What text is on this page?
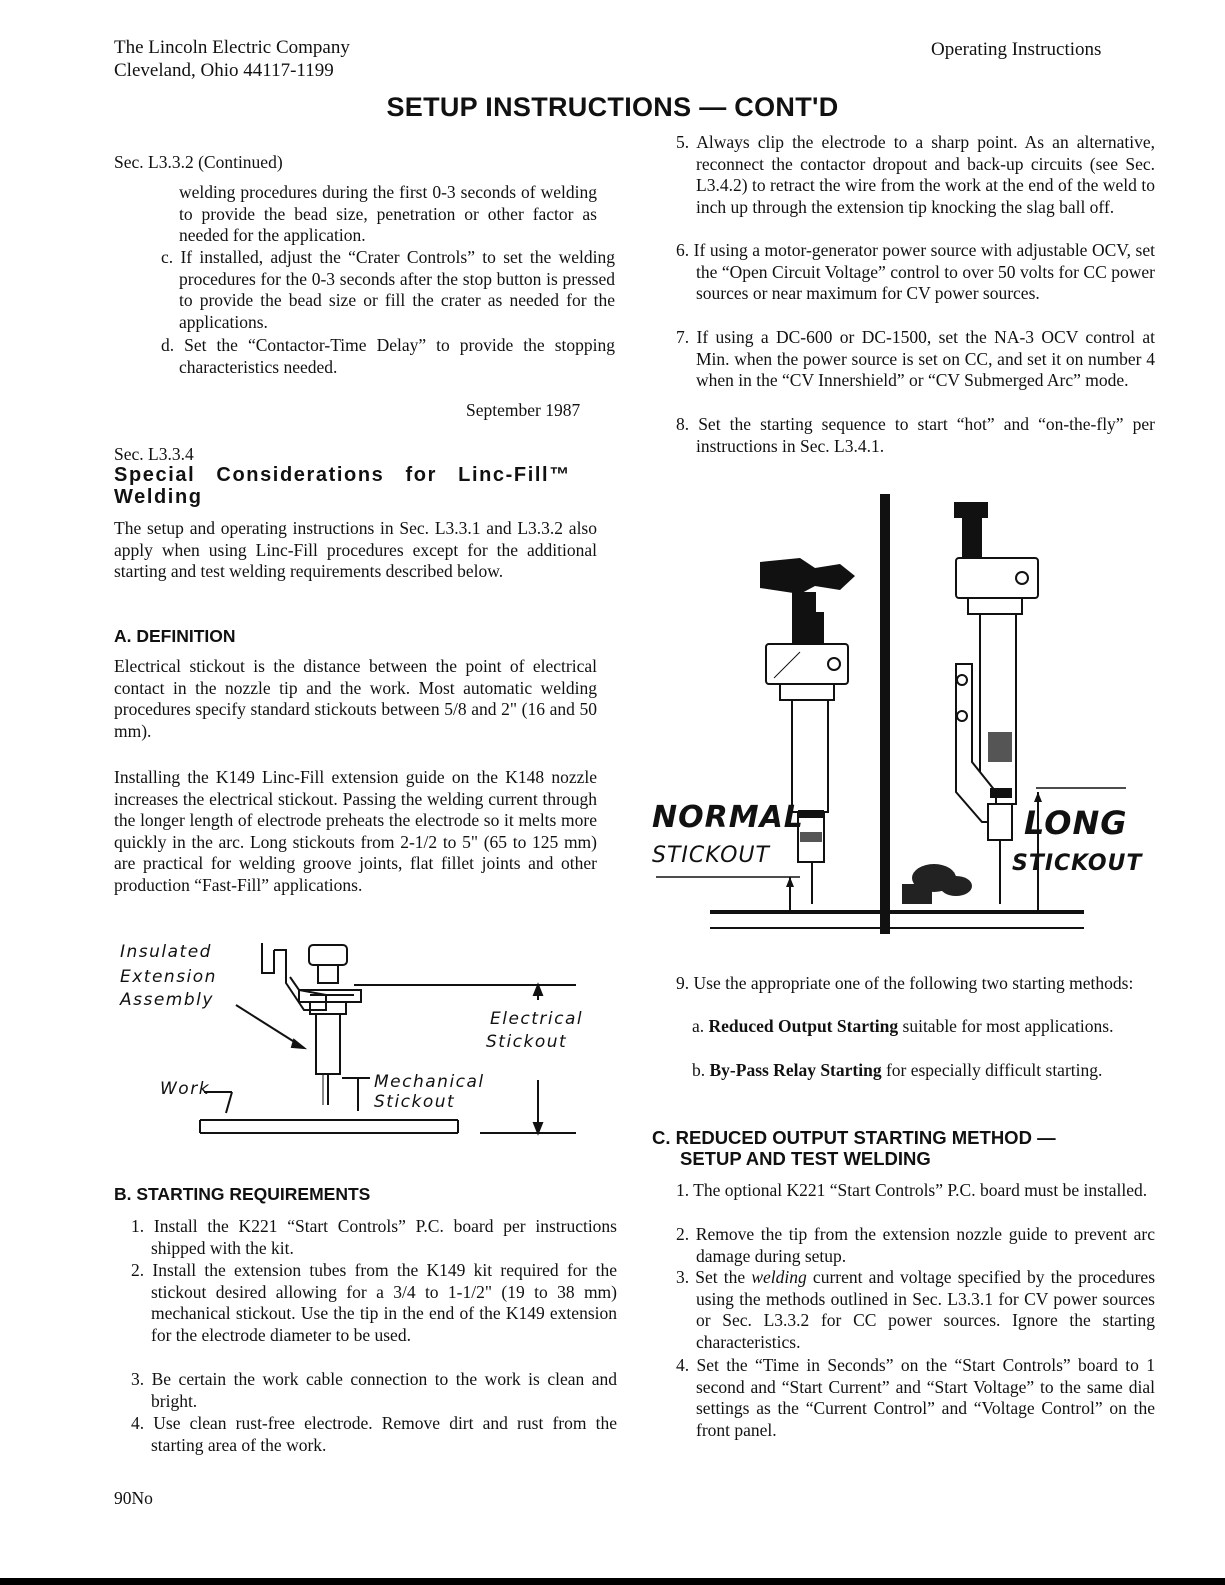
The Lincoln Electric Company
Cleveland, Ohio 44117-1199
Operating Instructions
SETUP INSTRUCTIONS — CONT'D
Sec. L3.3.2 (Continued)
welding procedures during the first 0-3 seconds of welding to provide the bead size, penetration or other factor as needed for the application.
c. If installed, adjust the “Crater Controls” to set the welding procedures for the 0-3 seconds after the stop button is pressed to provide the bead size or fill the crater as needed for the applications.
d. Set the “Contactor-Time Delay” to provide the stopping characteristics needed.
September 1987
Sec. L3.3.4
Special Considerations for Linc-Fill™ Welding
The setup and operating instructions in Sec. L3.3.1 and L3.3.2 also apply when using Linc-Fill procedures except for the additional starting and test welding requirements described below.
A. DEFINITION
Electrical stickout is the distance between the point of electrical contact in the nozzle tip and the work. Most automatic welding procedures specify standard stickouts between 5/8 and 2" (16 and 50 mm).
Installing the K149 Linc-Fill extension guide on the K148 nozzle increases the electrical stickout. Passing the welding current through the longer length of electrode preheats the electrode so it melts more quickly in the arc. Long stickouts from 2-1/2 to 5" (65 to 125 mm) are practical for welding groove joints, flat fillet joints and other production “Fast-Fill” applications.
Insulated
Extension
Assembly
Electrical
Stickout
Work	Mechanical
Stickout
B. STARTING REQUIREMENTS
1. Install the K221 “Start Controls” P.C. board per instructions shipped with the kit.
2. Install the extension tubes from the K149 kit required for the stickout desired allowing for a 3/4 to 1-1/2" (19 to 38 mm) mechanical stickout. Use the tip in the end of the K149 extension for the electrode diameter to be used.
3. Be certain the work cable connection to the work is clean and bright.
4. Use clean rust-free electrode. Remove dirt and rust from the starting area of the work.
90No
5. Always clip the electrode to a sharp point. As an alternative, reconnect the contactor dropout and back-up circuits (see Sec. L3.4.2) to retract the wire from the work at the end of the weld to inch up through the extension tip knocking the slag ball off.
6. If using a motor-generator power source with adjustable OCV, set the “Open Circuit Voltage” control to over 50 volts for CC power sources or near maximum for CV power sources.
7. If using a DC-600 or DC-1500, set the NA-3 OCV control at Min. when the power source is set on CC, and set it on number 4 when in the “CV Innershield” or “CV Submerged Arc” mode.
8. Set the starting sequence to start “hot” and “on-the-fly” per instructions in Sec. L3.4.1.
NORMAL
STICKOUT
LONG
STICKOUT
9. Use the appropriate one of the following two starting methods:
a. Reduced Output Starting suitable for most applications.
b. By-Pass Relay Starting for especially difficult starting.
C. REDUCED OUTPUT STARTING METHOD —
SETUP AND TEST WELDING
1. The optional K221 “Start Controls” P.C. board must be installed.
2. Remove the tip from the extension nozzle guide to prevent arc damage during setup.
3. Set the welding current and voltage specified by the procedures using the methods outlined in Sec. L3.3.1 for CV power sources or Sec. L3.3.2 for CC power sources. Ignore the starting characteristics.
4. Set the “Time in Seconds” on the “Start Controls” board to 1 second and “Start Current” and “Start Voltage” to the same dial settings as the “Current Control” and “Voltage Control” on the front panel.
